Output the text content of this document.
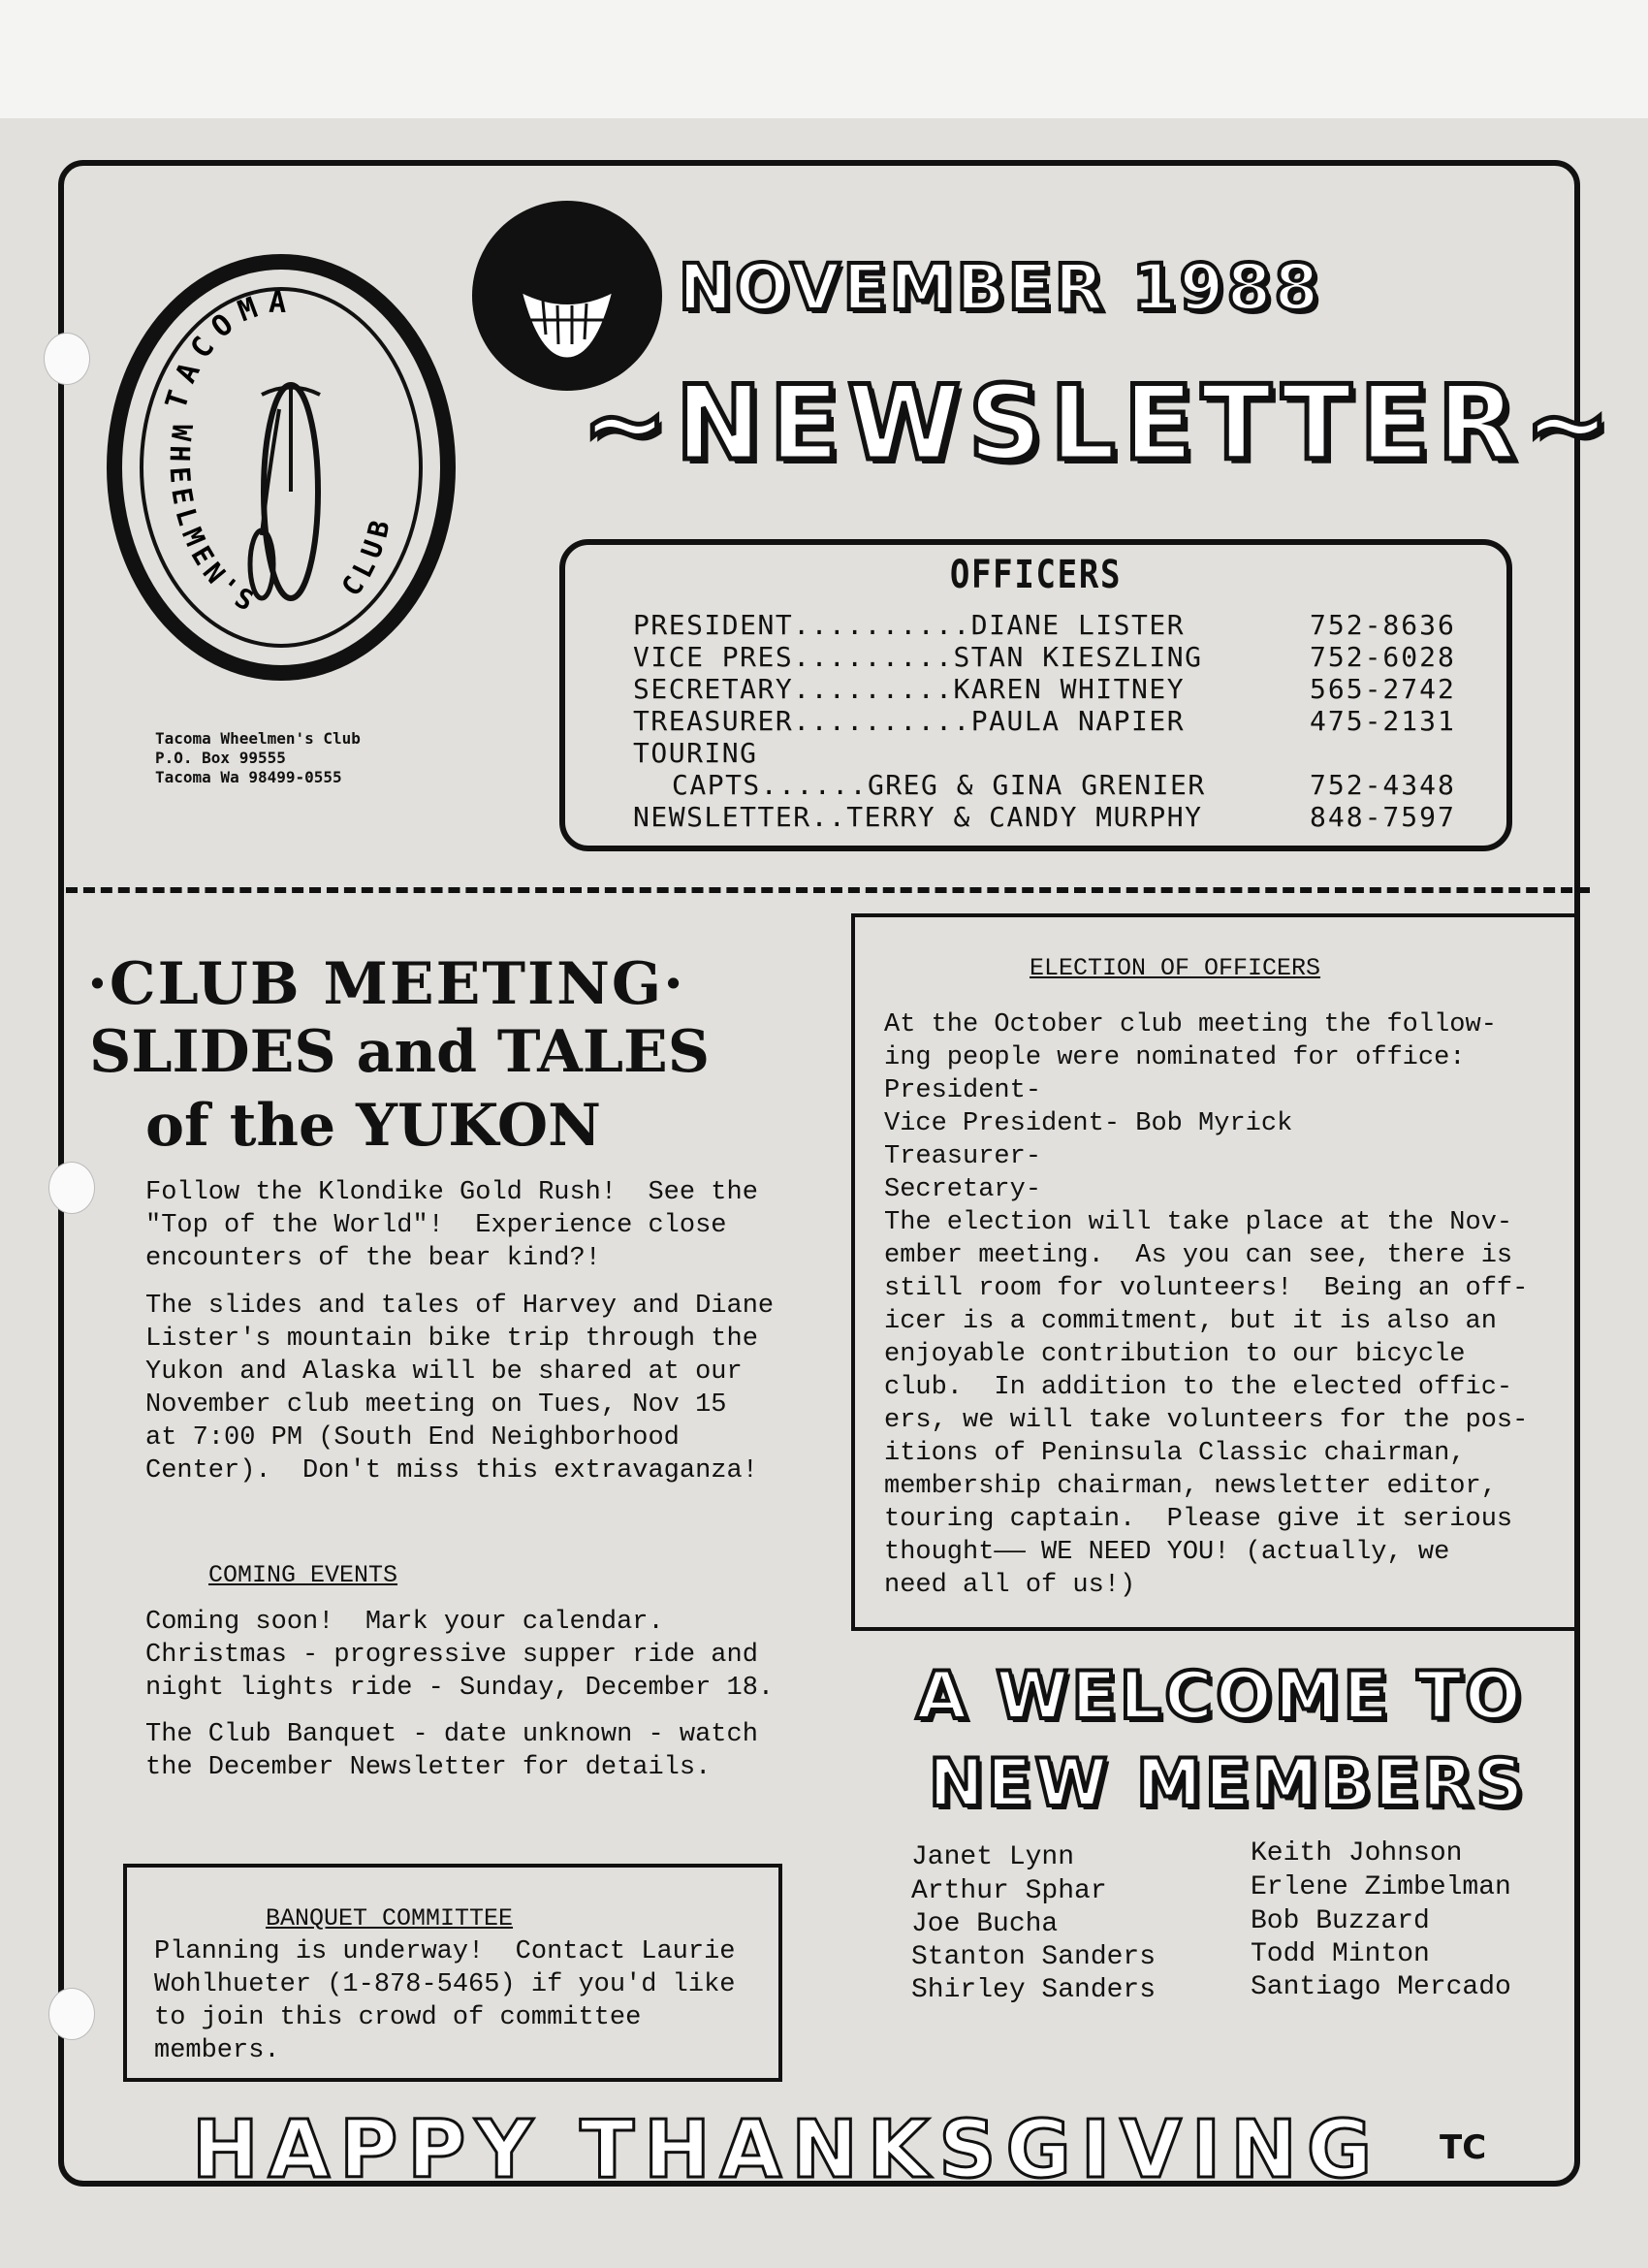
TACOMA
WHEELMEN'S	CLUB
Tacoma Wheelmen's Club
P.O. Box 99555
Tacoma Wa 98499-0555
NOVEMBER 1988
~NEWSLETTER~
OFFICERS
PRESIDENT..........DIANE LISTER	752-8636
VICE PRES.........STAN KIESZLING	752-6028
SECRETARY.........KAREN WHITNEY	565-2742
TREASURER..........PAULA NAPIER	475-2131
TOURING
CAPTS......GREG & GINA GRENIER	752-4348
NEWSLETTER..TERRY & CANDY MURPHY	848-7597
·CLUB MEETING·
SLIDES and TALES
of the YUKON
Follow the Klondike Gold Rush!  See the
"Top of the World"!  Experience close
encounters of the bear kind?!
The slides and tales of Harvey and Diane
Lister's mountain bike trip through the
Yukon and Alaska will be shared at our
November club meeting on Tues, Nov 15
at 7:00 PM (South End Neighborhood
Center).  Don't miss this extravaganza!
COMING EVENTS
Coming soon!  Mark your calendar.
Christmas - progressive supper ride and
night lights ride - Sunday, December 18.
The Club Banquet - date unknown - watch
the December Newsletter for details.
BANQUET COMMITTEE
Planning is underway!  Contact Laurie
Wohlhueter (1-878-5465) if you'd like
to join this crowd of committee
members.
ELECTION OF OFFICERS
At the October club meeting the follow-
ing people were nominated for office:
President-
Vice President- Bob Myrick
Treasurer-
Secretary-
The election will take place at the Nov-
ember meeting.  As you can see, there is
still room for volunteers!  Being an off-
icer is a commitment, but it is also an
enjoyable contribution to our bicycle
club.  In addition to the elected offic-
ers, we will take volunteers for the pos-
itions of Peninsula Classic chairman,
membership chairman, newsletter editor,
touring captain.  Please give it serious
thought—— WE NEED YOU! (actually, we
need all of us!)
A WELCOME TO
NEW MEMBERS
Janet Lynn
Arthur Sphar
Joe Bucha
Stanton Sanders
Shirley Sanders
Keith Johnson
Erlene Zimbelman
Bob Buzzard
Todd Minton
Santiago Mercado
HAPPY THANKSGIVING	TC
